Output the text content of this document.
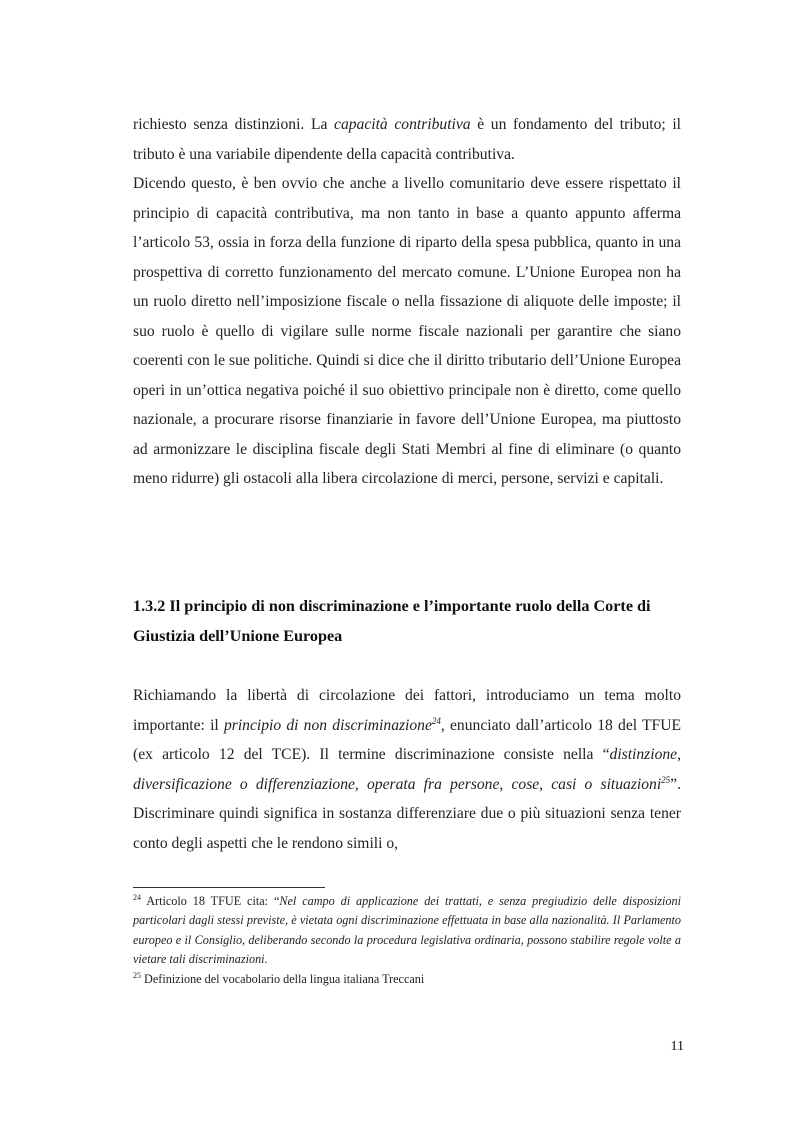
richiesto senza distinzioni. La capacità contributiva è un fondamento del tributo; il tributo è una variabile dipendente della capacità contributiva.

Dicendo questo, è ben ovvio che anche a livello comunitario deve essere rispettato il principio di capacità contributiva, ma non tanto in base a quanto appunto afferma l’articolo 53, ossia in forza della funzione di riparto della spesa pubblica, quanto in una prospettiva di corretto funzionamento del mercato comune. L’Unione Europea non ha un ruolo diretto nell’imposizione fiscale o nella fissazione di aliquote delle imposte; il suo ruolo è quello di vigilare sulle norme fiscale nazionali per garantire che siano coerenti con le sue politiche. Quindi si dice che il diritto tributario dell’Unione Europea operi in un’ottica negativa poiché il suo obiettivo principale non è diretto, come quello nazionale, a procurare risorse finanziarie in favore dell’Unione Europea, ma piuttosto ad armonizzare le disciplina fiscale degli Stati Membri al fine di eliminare (o quanto meno ridurre) gli ostacoli alla libera circolazione di merci, persone, servizi e capitali.

1.3.2 Il principio di non discriminazione e l’importante ruolo della Corte di Giustizia dell’Unione Europea

Richiamando la libertà di circolazione dei fattori, introduciamo un tema molto importante: il principio di non discriminazione$^{24}$, enunciato dall’articolo 18 del TFUE (ex articolo 12 del TCE). Il termine discriminazione consiste nella “distinzione, diversificazione o differenziazione, operata fra persone, cose, casi o situazioni$^{25}$”. Discriminare quindi significa in sostanza differenziare due o più situazioni senza tener conto degli aspetti che le rendono simili o,

$^{24}$ Articolo 18 TFUE cita: “Nel campo di applicazione dei trattati, e senza pregiudizio delle disposizioni particolari dagli stessi previste, è vietata ogni discriminazione effettuata in base alla nazionalità. Il Parlamento europeo e il Consiglio, deliberando secondo la procedura legislativa ordinaria, possono stabilire regole volte a vietare tali discriminazioni.

$^{25}$ Definizione del vocabolario della lingua italiana Treccani

11
